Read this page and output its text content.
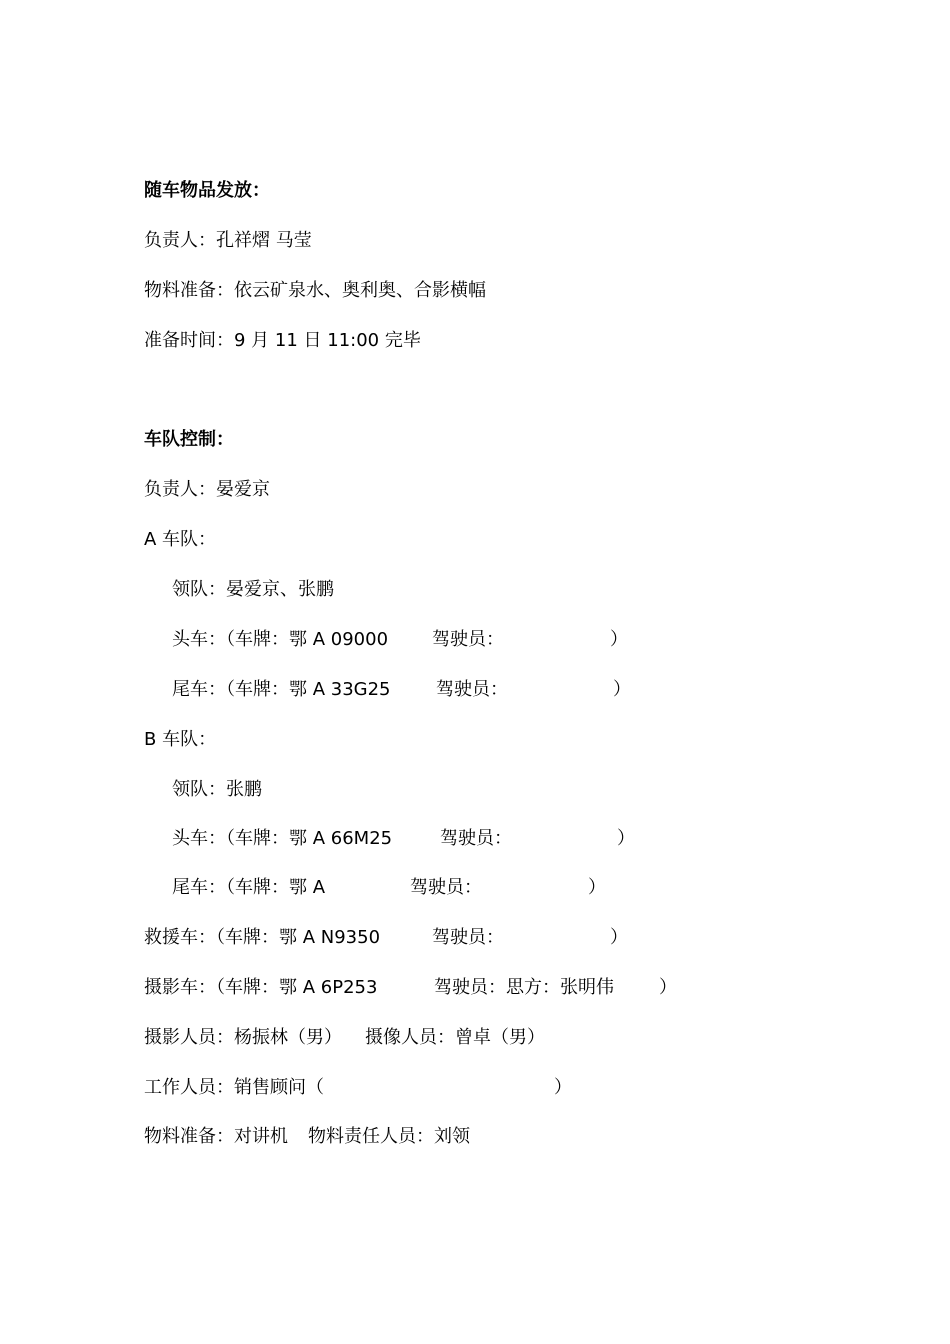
随车物品发放：
负责人：孔祥熠 马莹
物料准备：依云矿泉水、奥利奥、合影横幅
准备时间：9 月 11 日 11:00 完毕
车队控制：
负责人：晏爱京
A 车队：
领队：晏爱京、张鹏

头车：（车牌：鄂 A 09000

驾驶员：

	）

尾车：（车牌：鄂 A 33G25

	驾驶员：

	）

B 车队：
领队：张鹏

头车：（车牌：鄂 A 66M25

	驾驶员：

	）

尾车：（车牌：鄂 A

	驾驶员：

	）

救援车：（车牌：鄂 A N9350

	驾驶员：

	）

摄影车：（车牌：鄂 A 6P253

	驾驶员：思方：张明伟

	）

摄影人员：杨振林（男）

摄像人员：曾卓（男）

工作人员：销售顾问（

	）

物料准备：对讲机

物料责任人员：刘领
